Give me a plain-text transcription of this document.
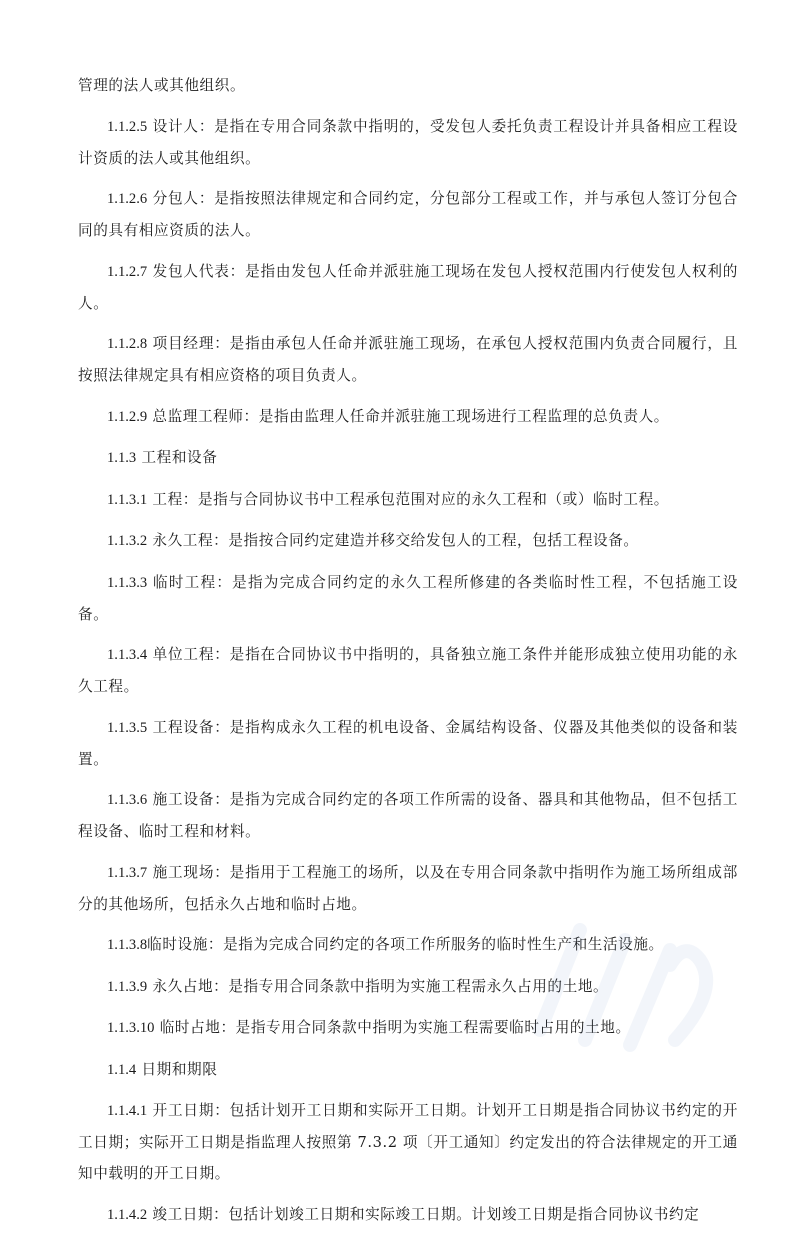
管理的法人或其他组织。

1.1.2.5 设计人：是指在专用合同条款中指明的，受发包人委托负责工程设计并具备相应工程设计资质的法人或其他组织。

1.1.2.6 分包人：是指按照法律规定和合同约定，分包部分工程或工作，并与承包人签订分包合同的具有相应资质的法人。

1.1.2.7 发包人代表：是指由发包人任命并派驻施工现场在发包人授权范围内行使发包人权利的人。

1.1.2.8 项目经理：是指由承包人任命并派驻施工现场，在承包人授权范围内负责合同履行，且按照法律规定具有相应资格的项目负责人。

1.1.2.9 总监理工程师：是指由监理人任命并派驻施工现场进行工程监理的总负责人。

1.1.3 工程和设备

1.1.3.1 工程：是指与合同协议书中工程承包范围对应的永久工程和（或）临时工程。

1.1.3.2 永久工程：是指按合同约定建造并移交给发包人的工程，包括工程设备。

1.1.3.3 临时工程：是指为完成合同约定的永久工程所修建的各类临时性工程，不包括施工设备。

1.1.3.4 单位工程：是指在合同协议书中指明的，具备独立施工条件并能形成独立使用功能的永久工程。

1.1.3.5 工程设备：是指构成永久工程的机电设备、金属结构设备、仪器及其他类似的设备和装置。

1.1.3.6 施工设备：是指为完成合同约定的各项工作所需的设备、器具和其他物品，但不包括工程设备、临时工程和材料。

1.1.3.7 施工现场：是指用于工程施工的场所，以及在专用合同条款中指明作为施工场所组成部分的其他场所，包括永久占地和临时占地。

1.1.3.8临时设施：是指为完成合同约定的各项工作所服务的临时性生产和生活设施。

1.1.3.9 永久占地：是指专用合同条款中指明为实施工程需永久占用的土地。

1.1.3.10 临时占地：是指专用合同条款中指明为实施工程需要临时占用的土地。

1.1.4 日期和期限

1.1.4.1 开工日期：包括计划开工日期和实际开工日期。计划开工日期是指合同协议书约定的开工日期；实际开工日期是指监理人按照第 7.3.2 项〔开工通知〕约定发出的符合法律规定的开工通知中载明的开工日期。

1.1.4.2 竣工日期：包括计划竣工日期和实际竣工日期。计划竣工日期是指合同协议书约定
